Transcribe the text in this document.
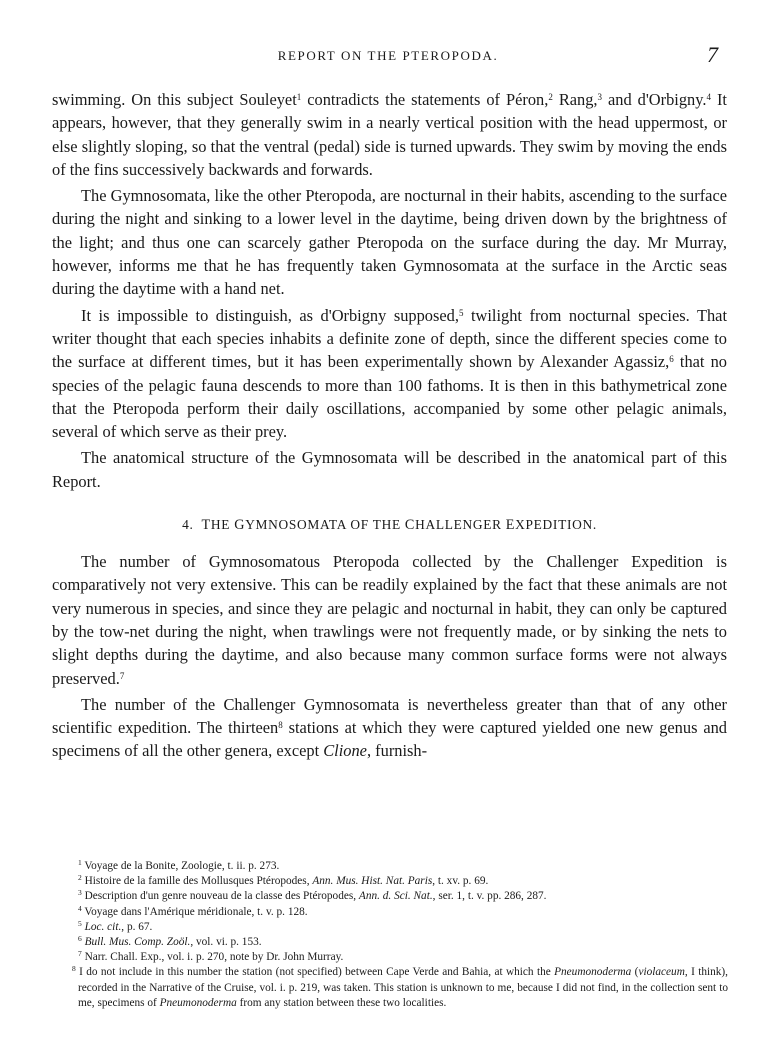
REPORT ON THE PTEROPODA.	7

swimming. On this subject Souleyet$^1$ contradicts the statements of Péron,$^2$ Rang,$^3$ and d'Orbigny.$^4$ It appears, however, that they generally swim in a nearly vertical position with the head uppermost, or else slightly sloping, so that the ventral (pedal) side is turned upwards. They swim by moving the ends of the fins successively backwards and forwards.

The Gymnosomata, like the other Pteropoda, are nocturnal in their habits, ascending to the surface during the night and sinking to a lower level in the daytime, being driven down by the brightness of the light; and thus one can scarcely gather Pteropoda on the surface during the day. Mr Murray, however, informs me that he has frequently taken Gymnosomata at the surface in the Arctic seas during the daytime with a hand net.

It is impossible to distinguish, as d'Orbigny supposed,$^5$ twilight from nocturnal species. That writer thought that each species inhabits a definite zone of depth, since the different species come to the surface at different times, but it has been experimentally shown by Alexander Agassiz,$^6$ that no species of the pelagic fauna descends to more than 100 fathoms. It is then in this bathymetrical zone that the Pteropoda perform their daily oscillations, accompanied by some other pelagic animals, several of which serve as their prey.

The anatomical structure of the Gymnosomata will be described in the anatomical part of this Report.

4. THE GYMNOSOMATA OF THE CHALLENGER EXPEDITION.

The number of Gymnosomatous Pteropoda collected by the Challenger Expedition is comparatively not very extensive. This can be readily explained by the fact that these animals are not very numerous in species, and since they are pelagic and nocturnal in habit, they can only be captured by the tow-net during the night, when trawlings were not frequently made, or by sinking the nets to slight depths during the daytime, and also because many common surface forms were not always preserved.$^7$

The number of the Challenger Gymnosomata is nevertheless greater than that of any other scientific expedition. The thirteen$^8$ stations at which they were captured yielded one new genus and specimens of all the other genera, except Clione, furnish-

$^1$ Voyage de la Bonite, Zoologie, t. ii. p. 273.

$^2$ Histoire de la famille des Mollusques Ptéropodes, Ann. Mus. Hist. Nat. Paris, t. xv. p. 69.

$^3$ Description d'un genre nouveau de la classe des Ptéropodes, Ann. d. Sci. Nat., ser. 1, t. v. pp. 286, 287.

$^4$ Voyage dans l'Amérique méridionale, t. v. p. 128.

$^5$ Loc. cit., p. 67.

$^6$ Bull. Mus. Comp. Zoöl., vol. vi. p. 153.

$^7$ Narr. Chall. Exp., vol. i. p. 270, note by Dr. John Murray.

$^8$ I do not include in this number the station (not specified) between Cape Verde and Bahia, at which the Pneumonoderma (violaceum, I think), recorded in the Narrative of the Cruise, vol. i. p. 219, was taken. This station is unknown to me, because I did not find, in the collection sent to me, specimens of Pneumonoderma from any station between these two localities.
